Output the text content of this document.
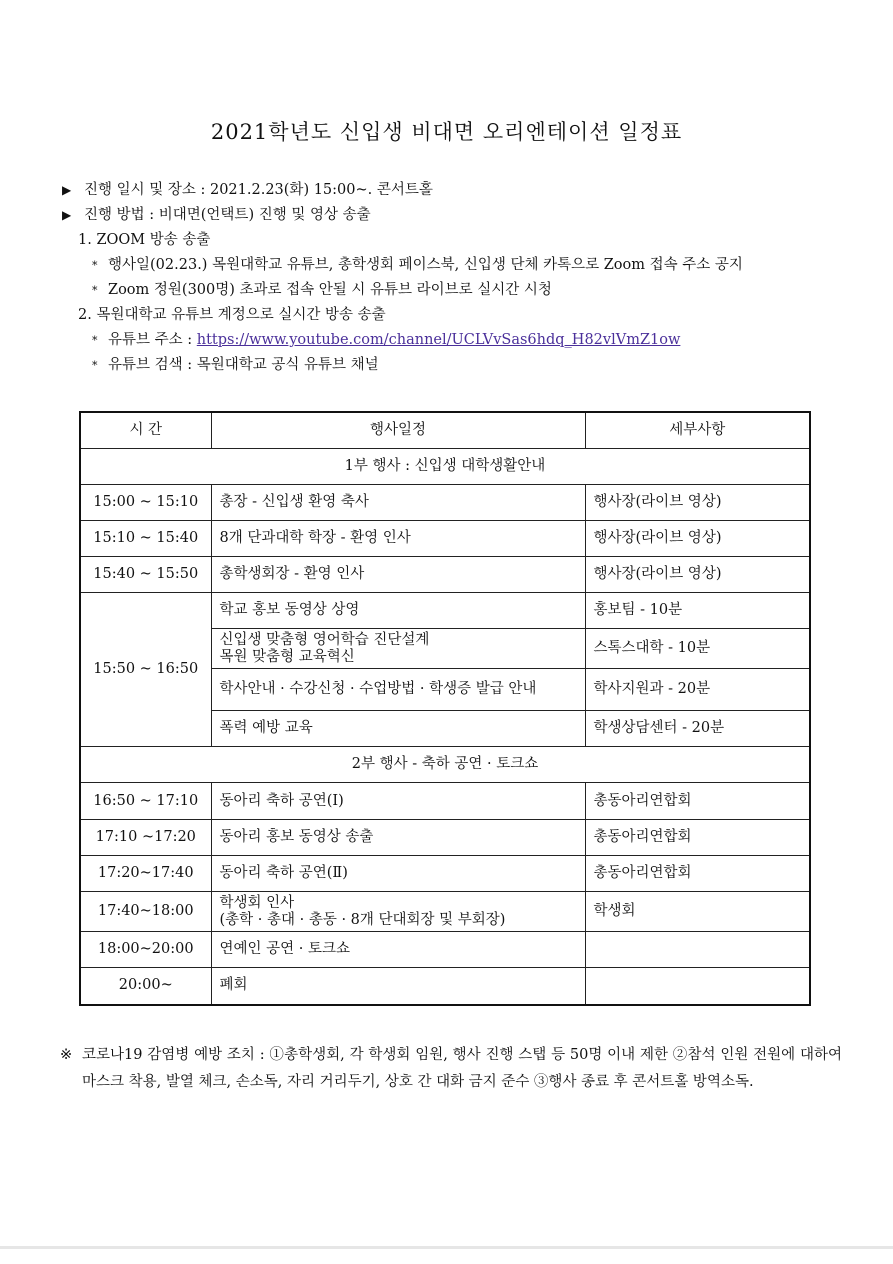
2021학년도 신입생 비대면 오리엔테이션 일정표
▶ 진행 일시 및 장소 : 2021.2.23(화) 15:00~. 콘서트홀
▶ 진행 방법 : 비대면(언택트) 진행 및 영상 송출
1. ZOOM 방송 송출
* 행사일(02.23.) 목원대학교 유튜브, 총학생회 페이스북, 신입생 단체 카톡으로 Zoom 접속 주소 공지
* Zoom 정원(300명) 초과로 접속 안될 시 유튜브 라이브로 실시간 시청
2. 목원대학교 유튜브 계정으로 실시간 방송 송출
* 유튜브 주소 : https://www.youtube.com/channel/UCLVvSas6hdq_H82vlVmZ1ow
* 유튜브 검색 : 목원대학교 공식 유튜브 채널
시 간	행사일정	세부사항
1부 행사 : 신입생 대학생활안내		
15:00 ~ 15:10	총장 - 신입생 환영 축사	행사장(라이브 영상)
15:10 ~ 15:40	8개 단과대학 학장 - 환영 인사	행사장(라이브 영상)
15:40 ~ 15:50	총학생회장 - 환영 인사	행사장(라이브 영상)
15:50 ~ 16:50	학교 홍보 동영상 상영	홍보팀 - 10분

	신입생 맞춤형 영어학습 진단설계
목원 맞춤형 교육혁신	스톡스대학 - 10분
	학사안내 · 수강신청 · 수업방법 · 학생증 발급 안내	학사지원과 - 20분
	폭력 예방 교육	학생상담센터 - 20분
2부 행사 - 축하 공연 · 토크쇼		
16:50 ~ 17:10	동아리 축하 공연(Ⅰ)	총동아리연합회
17:10 ~17:20	동아리 홍보 동영상 송출	총동아리연합회
17:20~17:40	동아리 축하 공연(Ⅱ)	총동아리연합회
17:40~18:00	학생회 인사
(총학 · 총대 · 총동 · 8개 단대회장 및 부회장)	학생회
18:00~20:00	연예인 공연 · 토크쇼	
20:00~	폐회	
※ 코로나19 감염병 예방 조치 : ①총학생회, 각 학생회 임원, 행사 진행 스탭 등 50명 이내 제한 ②참석 인원 전원에 대하여 마스크 착용, 발열 체크, 손소독, 자리 거리두기, 상호 간 대화 금지 준수 ③행사 종료 후 콘서트홀 방역소독.
